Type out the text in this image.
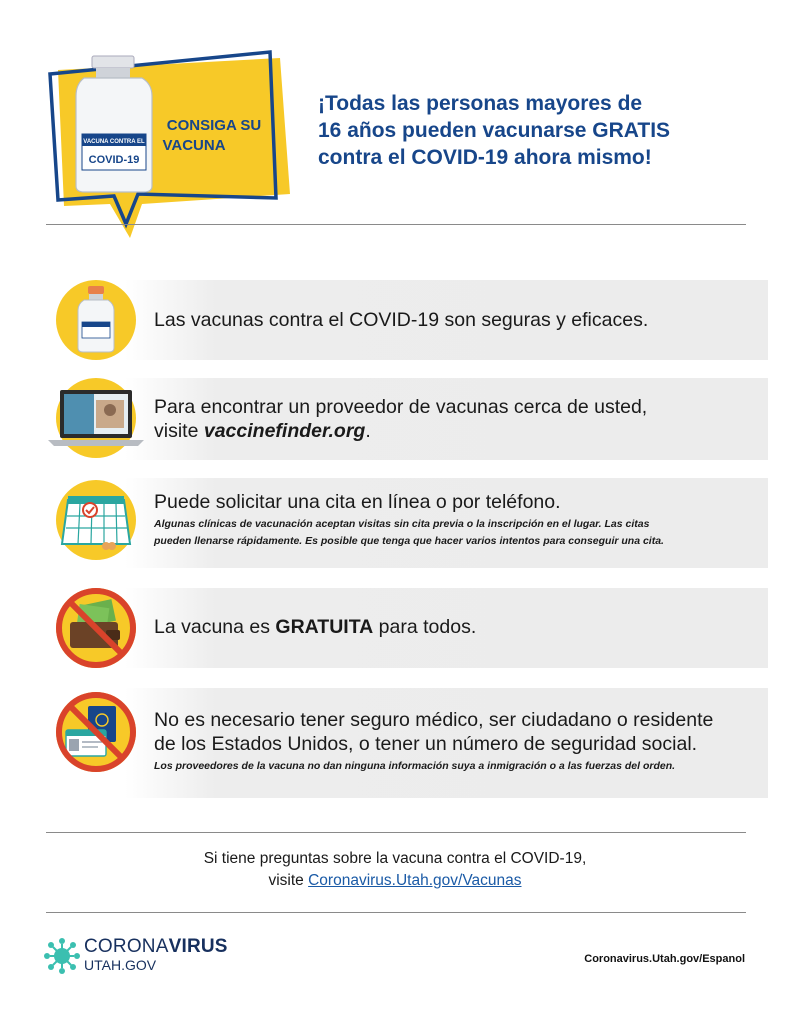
VACUNA CONTRA EL
COVID-19
CONSIGA SU
VACUNA
¡Todas las personas mayores de
16 años pueden vacunarse GRATIS
contra el COVID-19 ahora mismo!
Las vacunas contra el COVID-19 son seguras y eficaces.
Para encontrar un proveedor de vacunas cerca de usted,
visite vaccinefinder.org.
Puede solicitar una cita en línea o por teléfono.
Algunas clínicas de vacunación aceptan visitas sin cita previa o la inscripción en el lugar. Las citas
pueden llenarse rápidamente. Es posible que tenga que hacer varios intentos para conseguir una cita.
La vacuna es GRATUITA para todos.
No es necesario tener seguro médico, ser ciudadano o residente
de los Estados Unidos, o tener un número de seguridad social.
Los proveedores de la vacuna no dan ninguna información suya a inmigración o a las fuerzas del orden.
Si tiene preguntas sobre la vacuna contra el COVID-19,
visite Coronavirus.Utah.gov/Vacunas
CORONAVIRUS
UTAH.GOV	Coronavirus.Utah.gov/Espanol
